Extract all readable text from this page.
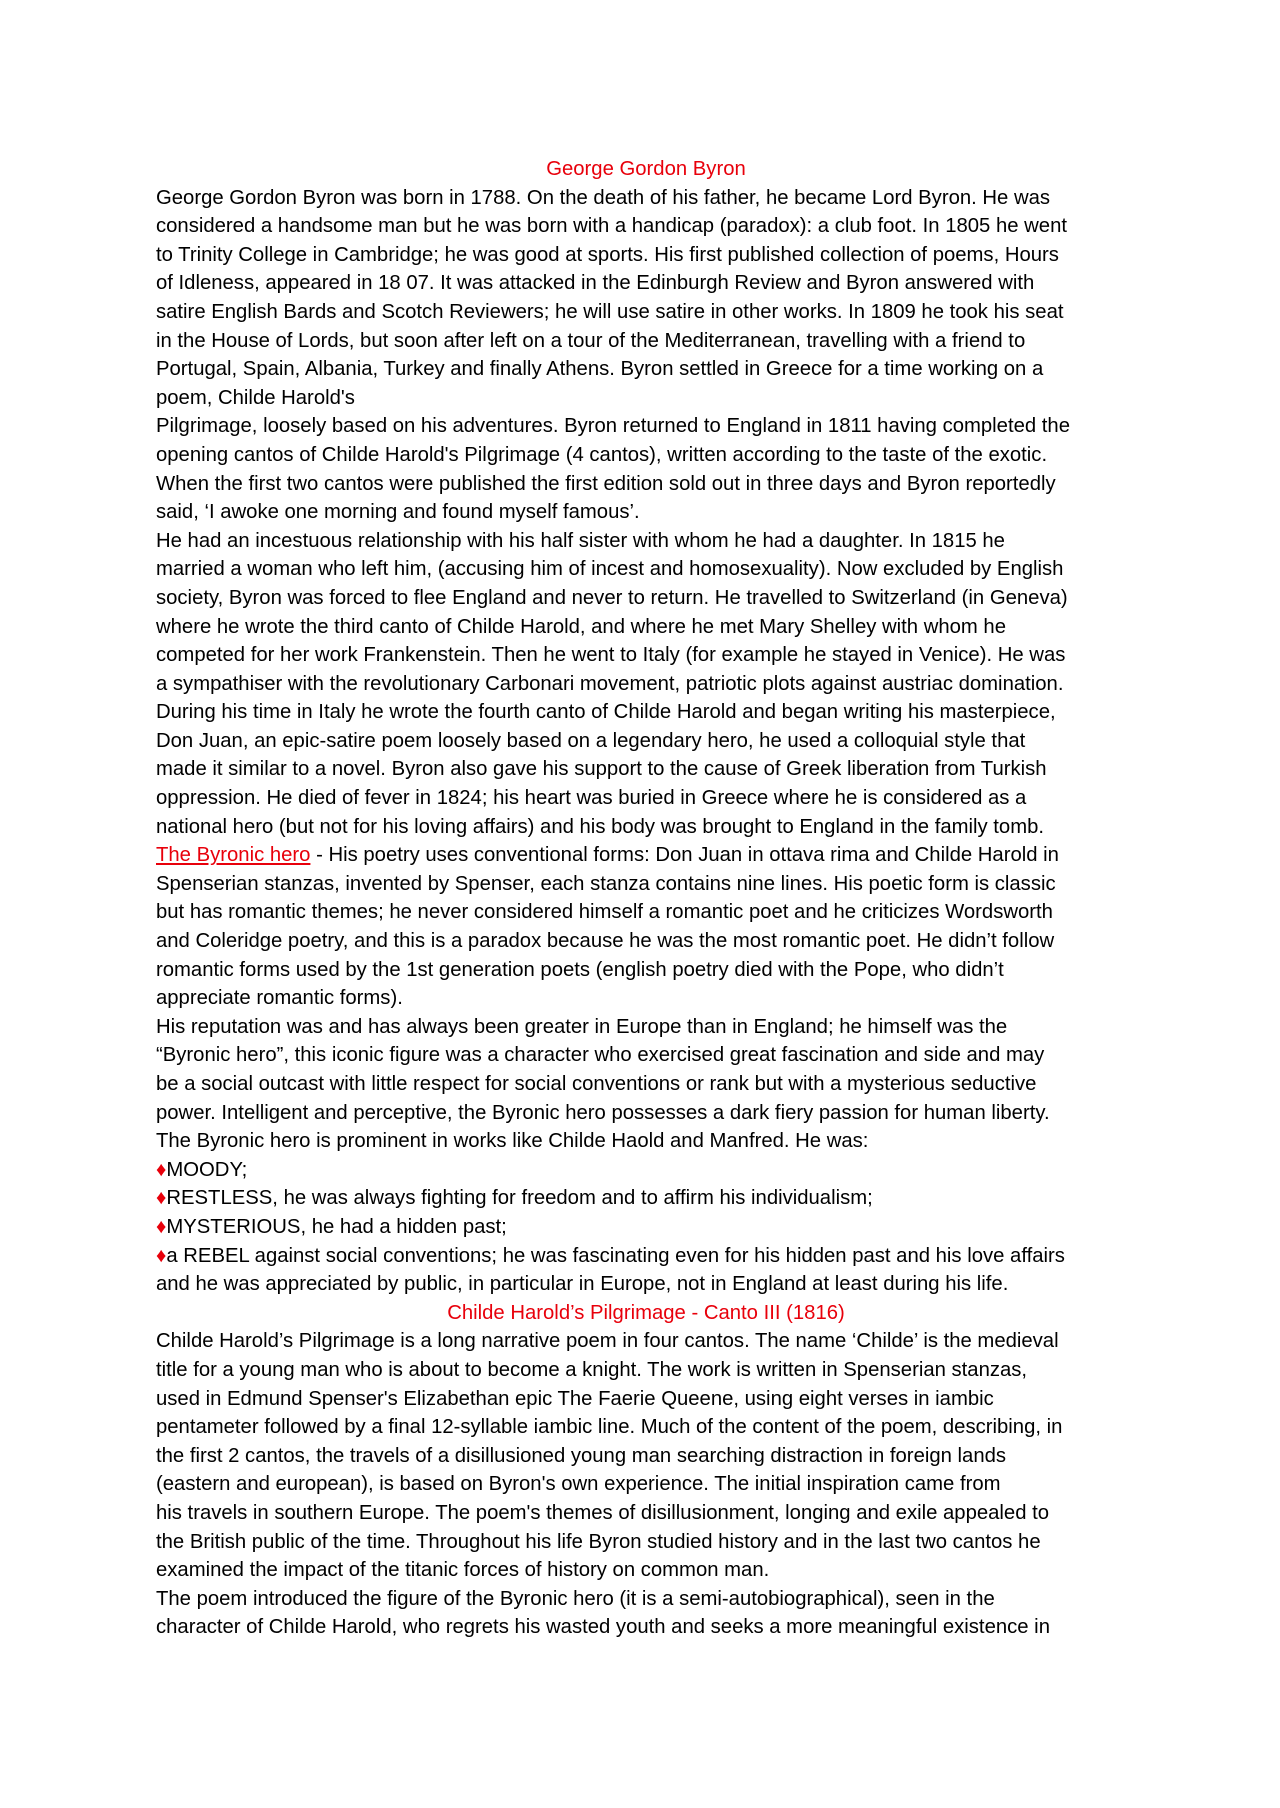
George Gordon Byron

George Gordon Byron was born in 1788. On the death of his father, he became Lord Byron. He was
considered a handsome man but he was born with a handicap (paradox): a club foot. In 1805 he went
to Trinity College in Cambridge; he was good at sports. His first published collection of poems, Hours
of Idleness, appeared in 18 07. It was attacked in the Edinburgh Review and Byron answered with
satire English Bards and Scotch Reviewers; he will use satire in other works. In 1809 he took his seat
in the House of Lords, but soon after left on a tour of the Mediterranean, travelling with a friend to
Portugal, Spain, Albania, Turkey and finally Athens. Byron settled in Greece for a time working on a
poem, Childe Harold's
Pilgrimage, loosely based on his adventures. Byron returned to England in 1811 having completed the
opening cantos of Childe Harold's Pilgrimage (4 cantos), written according to the taste of the exotic.
When the first two cantos were published the first edition sold out in three days and Byron reportedly
said, ‘I awoke one morning and found myself famous’.

He had an incestuous relationship with his half sister with whom he had a daughter. In 1815 he
married a woman who left him, (accusing him of incest and homosexuality). Now excluded by English
society, Byron was forced to flee England and never to return. He travelled to Switzerland (in Geneva)
where he wrote the third canto of Childe Harold, and where he met Mary Shelley with whom he
competed for her work Frankenstein. Then he went to Italy (for example he stayed in Venice). He was
a sympathiser with the revolutionary Carbonari movement, patriotic plots against austriac domination.
During his time in Italy he wrote the fourth canto of Childe Harold and began writing his masterpiece,
Don Juan, an epic-satire poem loosely based on a legendary hero, he used a colloquial style that
made it similar to a novel. Byron also gave his support to the cause of Greek liberation from Turkish
oppression. He died of fever in 1824; his heart was buried in Greece where he is considered as a
national hero (but not for his loving affairs) and his body was brought to England in the family tomb.

The Byronic hero - His poetry uses conventional forms: Don Juan in ottava rima and Childe Harold in
Spenserian stanzas, invented by Spenser, each stanza contains nine lines. His poetic form is classic
but has romantic themes; he never considered himself a romantic poet and he criticizes Wordsworth
and Coleridge poetry, and this is a paradox because he was the most romantic poet. He didn’t follow
romantic forms used by the 1st generation poets (english poetry died with the Pope, who didn’t
appreciate romantic forms).

His reputation was and has always been greater in Europe than in England; he himself was the
“Byronic hero”, this iconic figure was a character who exercised great fascination and side and may
be a social outcast with little respect for social conventions or rank but with a mysterious seductive
power. Intelligent and perceptive, the Byronic hero possesses a dark fiery passion for human liberty.
The Byronic hero is prominent in works like Childe Haold and Manfred. He was:

♦MOODY;
♦RESTLESS, he was always fighting for freedom and to affirm his individualism;
♦MYSTERIOUS, he had a hidden past;
♦a REBEL against social conventions; he was fascinating even for his hidden past and his love affairs
and he was appreciated by public, in particular in Europe, not in England at least during his life.
Childe Harold’s Pilgrimage - Canto III (1816)

Childe Harold’s Pilgrimage is a long narrative poem in four cantos. The name ‘Childe’ is the medieval
title for a young man who is about to become a knight. The work is written in Spenserian stanzas,
used in Edmund Spenser's Elizabethan epic The Faerie Queene, using eight verses in iambic
pentameter followed by a final 12-syllable iambic line. Much of the content of the poem, describing, in
the first 2 cantos, the travels of a disillusioned young man searching distraction in foreign lands
(eastern and european), is based on Byron's own experience. The initial inspiration came from
his travels in southern Europe. The poem's themes of disillusionment, longing and exile appealed to
the British public of the time. Throughout his life Byron studied history and in the last two cantos he
examined the impact of the titanic forces of history on common man.

The poem introduced the figure of the Byronic hero (it is a semi-autobiographical), seen in the
character of Childe Harold, who regrets his wasted youth and seeks a more meaningful existence in
